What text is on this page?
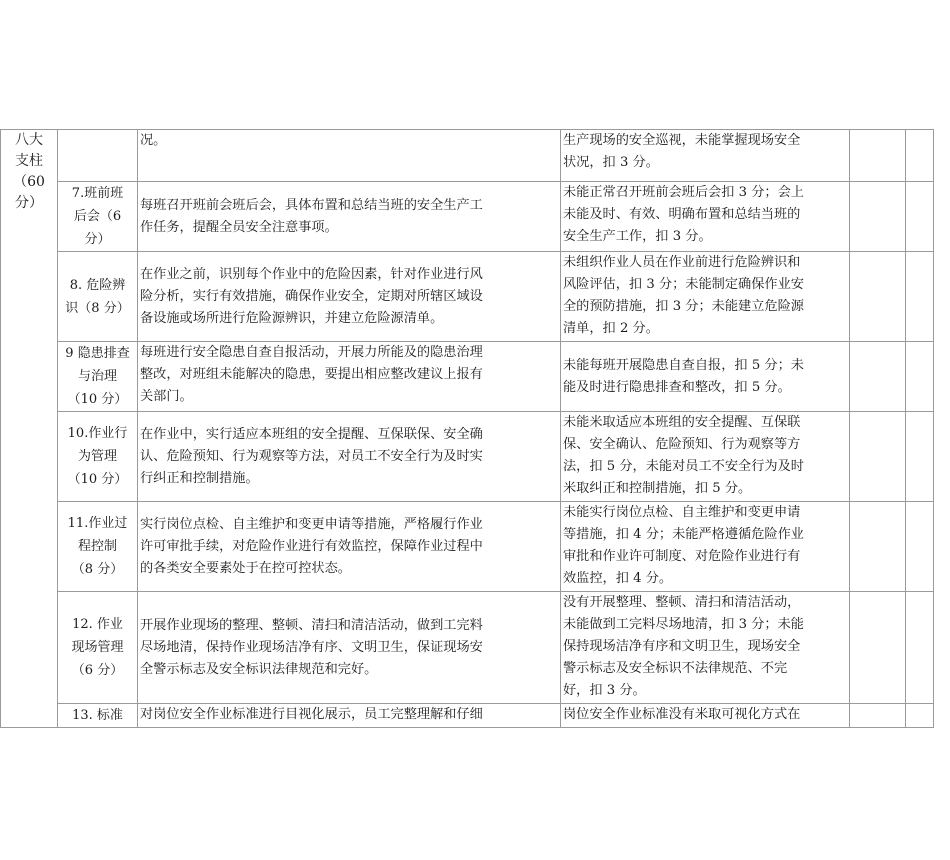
八大
支柱
（60
分）		况。	生产现场的安全巡视，未能掌握现场安全
状况，扣 3 分。		
	7.班前班
后会（6
分）	每班召开班前会班后会，具体布置和总结当班的安全生产工
作任务，提醒全员安全注意事项。	未能正常召开班前会班后会扣 3 分；会上
未能及时、有效、明确布置和总结当班的
安全生产工作，扣 3 分。		
	8. 危险辨
识（8 分）	在作业之前，识别每个作业中的危险因素，针对作业进行风
险分析，实行有效措施，确保作业安全，定期对所辖区域设
备设施或场所进行危险源辨识，并建立危险源清单。	未组织作业人员在作业前进行危险辨识和
风险评估，扣 3 分；未能制定确保作业安
全的预防措施，扣 3 分；未能建立危险源
清单，扣 2 分。		
	9 隐患排查
与治理
（10 分）	每班进行安全隐患自查自报活动，开展力所能及的隐患治理
整改，对班组未能解决的隐患，要提出相应整改建议上报有
关部门。	未能每班开展隐患自查自报，扣 5 分；未
能及时进行隐患排查和整改，扣 5 分。		
	10.作业行
为管理
（10 分）	在作业中，实行适应本班组的安全提醒、互保联保、安全确
认、危险预知、行为观察等方法，对员工不安全行为及时实
行纠正和控制措施。	未能米取适应本班组的安全提醒、互保联
保、安全确认、危险预知、行为观察等方
法，扣 5 分，未能对员工不安全行为及时
米取纠正和控制措施，扣 5 分。		
	11.作业过
程控制
（8 分）	实行岗位点检、自主维护和变更申请等措施，严格履行作业
许可审批手续，对危险作业进行有效监控，保障作业过程中
的各类安全要素处于在控可控状态。	未能实行岗位点检、自主维护和变更申请
等措施，扣 4 分；未能严格遵循危险作业
审批和作业许可制度、对危险作业进行有
效监控，扣 4 分。		
	12. 作业
现场管理
（6 分）	开展作业现场的整理、整顿、清扫和清洁活动，做到工完料
尽场地清，保持作业现场洁净有序、文明卫生，保证现场安
全警示标志及安全标识法律规范和完好。	没有开展整理、整顿、清扫和清洁活动，
未能做到工完料尽场地清，扣 3 分；未能
保持现场洁净有序和文明卫生，现场安全
警示标志及安全标识不法律规范、不完
好，扣 3 分。		
	13. 标准	对岗位安全作业标准进行目视化展示，员工完整理解和仔细	岗位安全作业标准没有米取可视化方式在		
